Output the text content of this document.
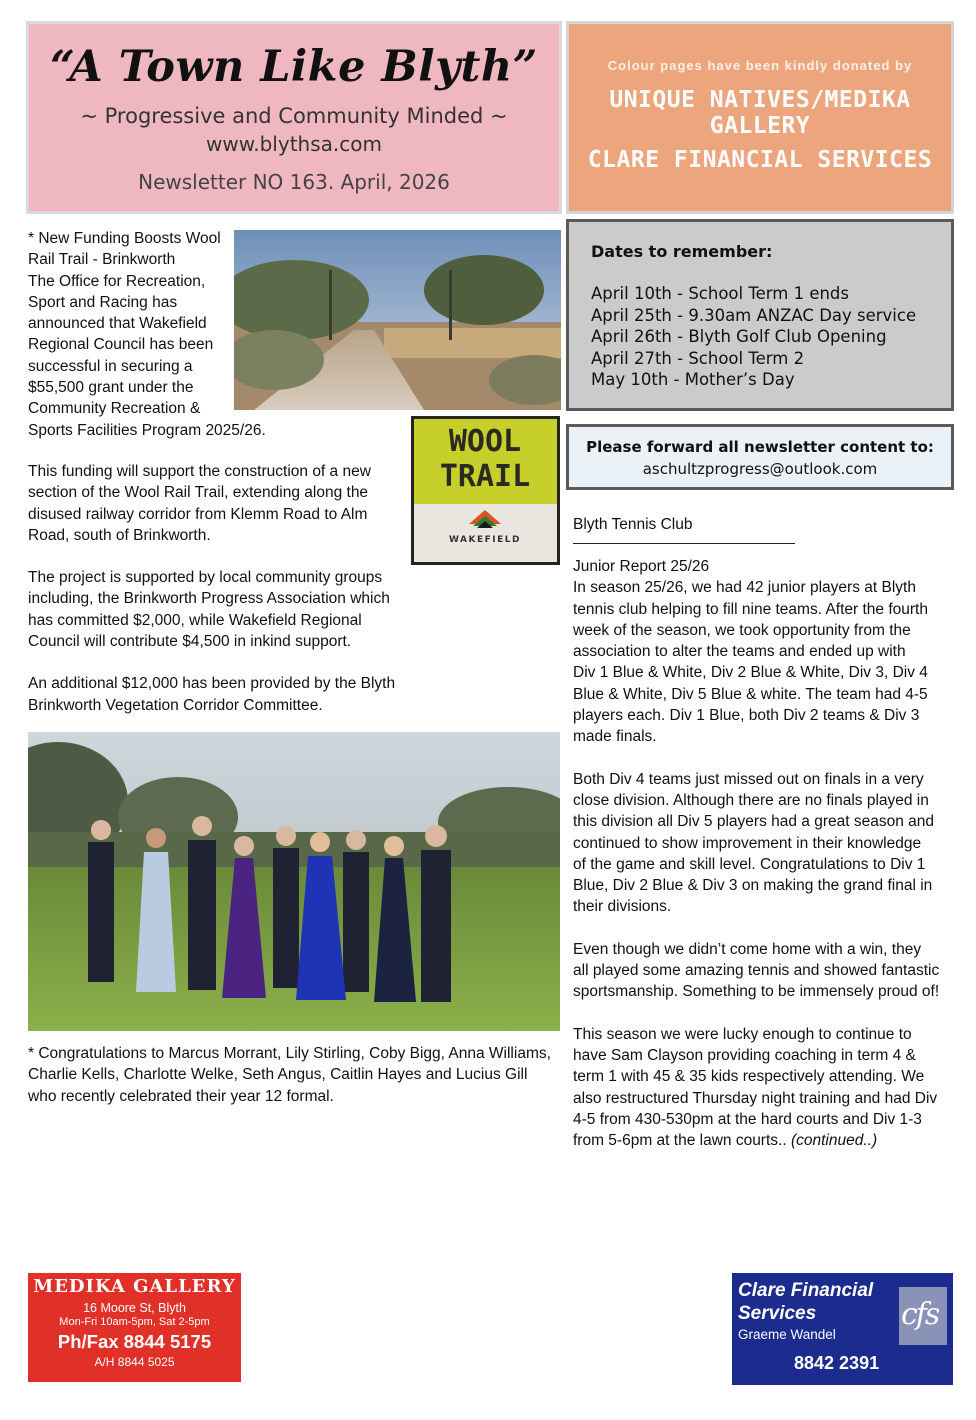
“A Town Like Blyth”
~ Progressive and Community Minded ~
www.blythsa.com
Newsletter NO 163. April, 2026
Colour pages have been kindly donated by
UNIQUE NATIVES/MEDIKA GALLERY
CLARE FINANCIAL SERVICES
WOOL
TRAIL
WAKEFIELD
* New Funding Boosts Wool
Rail Trail - Brinkworth
The Office for Recreation,
Sport and Racing has
announced that Wakefield
Regional Council has been
successful in securing a
$55,500 grant under the
Community Recreation &
Sports Facilities Program 2025/26.
This funding will support the construction of a new
section of the Wool Rail Trail, extending along the
disused railway corridor from Klemm Road to Alm
Road, south of Brinkworth.
The project is supported by local community groups
including, the Brinkworth Progress Association which
has committed $2,000, while Wakefield Regional
Council will contribute $4,500 in inkind support.
An additional $12,000 has been provided by the Blyth
Brinkworth Vegetation Corridor Committee.
* Congratulations to Marcus Morrant, Lily Stirling, Coby Bigg, Anna Williams,
Charlie Kells, Charlotte Welke, Seth Angus, Caitlin Hayes and Lucius Gill
who recently celebrated their year 12 formal.
Dates to remember:
April 10th - School Term 1 ends
April 25th - 9.30am ANZAC Day service
April 26th - Blyth Golf Club Opening
April 27th - School Term 2
May 10th - Mother’s Day
Please forward all newsletter content to:
aschultzprogress@outlook.com
Blyth Tennis Club
Junior Report 25/26
In season 25/26, we had 42 junior players at Blyth
tennis club helping to fill nine teams. After the fourth
week of the season, we took opportunity from the
association to alter the teams and ended up with
Div 1 Blue & White, Div 2 Blue & White, Div 3, Div 4
Blue & White, Div 5 Blue & white. The team had 4-5
players each. Div 1 Blue, both Div 2 teams & Div 3
made finals.
Both Div 4 teams just missed out on finals in a very
close division. Although there are no finals played in
this division all Div 5 players had a great season and
continued to show improvement in their knowledge
of the game and skill level. Congratulations to Div 1
Blue, Div 2 Blue & Div 3 on making the grand final in
their divisions.
Even though we didn’t come home with a win, they
all played some amazing tennis and showed fantastic
sportsmanship. Something to be immensely proud of!
This season we were lucky enough to continue to
have Sam Clayson providing coaching in term 4 &
term 1 with 45 & 35 kids respectively attending. We
also restructured Thursday night training and had Div
4-5 from 430-530pm at the hard courts and Div 1-3
from 5-6pm at the lawn courts.. (continued..)
MEDIKA GALLERY
16 Moore St, Blyth
Mon-Fri 10am-5pm, Sat 2-5pm
Ph/Fax 8844 5175
A/H 8844 5025
Clare Financial
Services
Graeme Wandel
8842 2391
cfs
